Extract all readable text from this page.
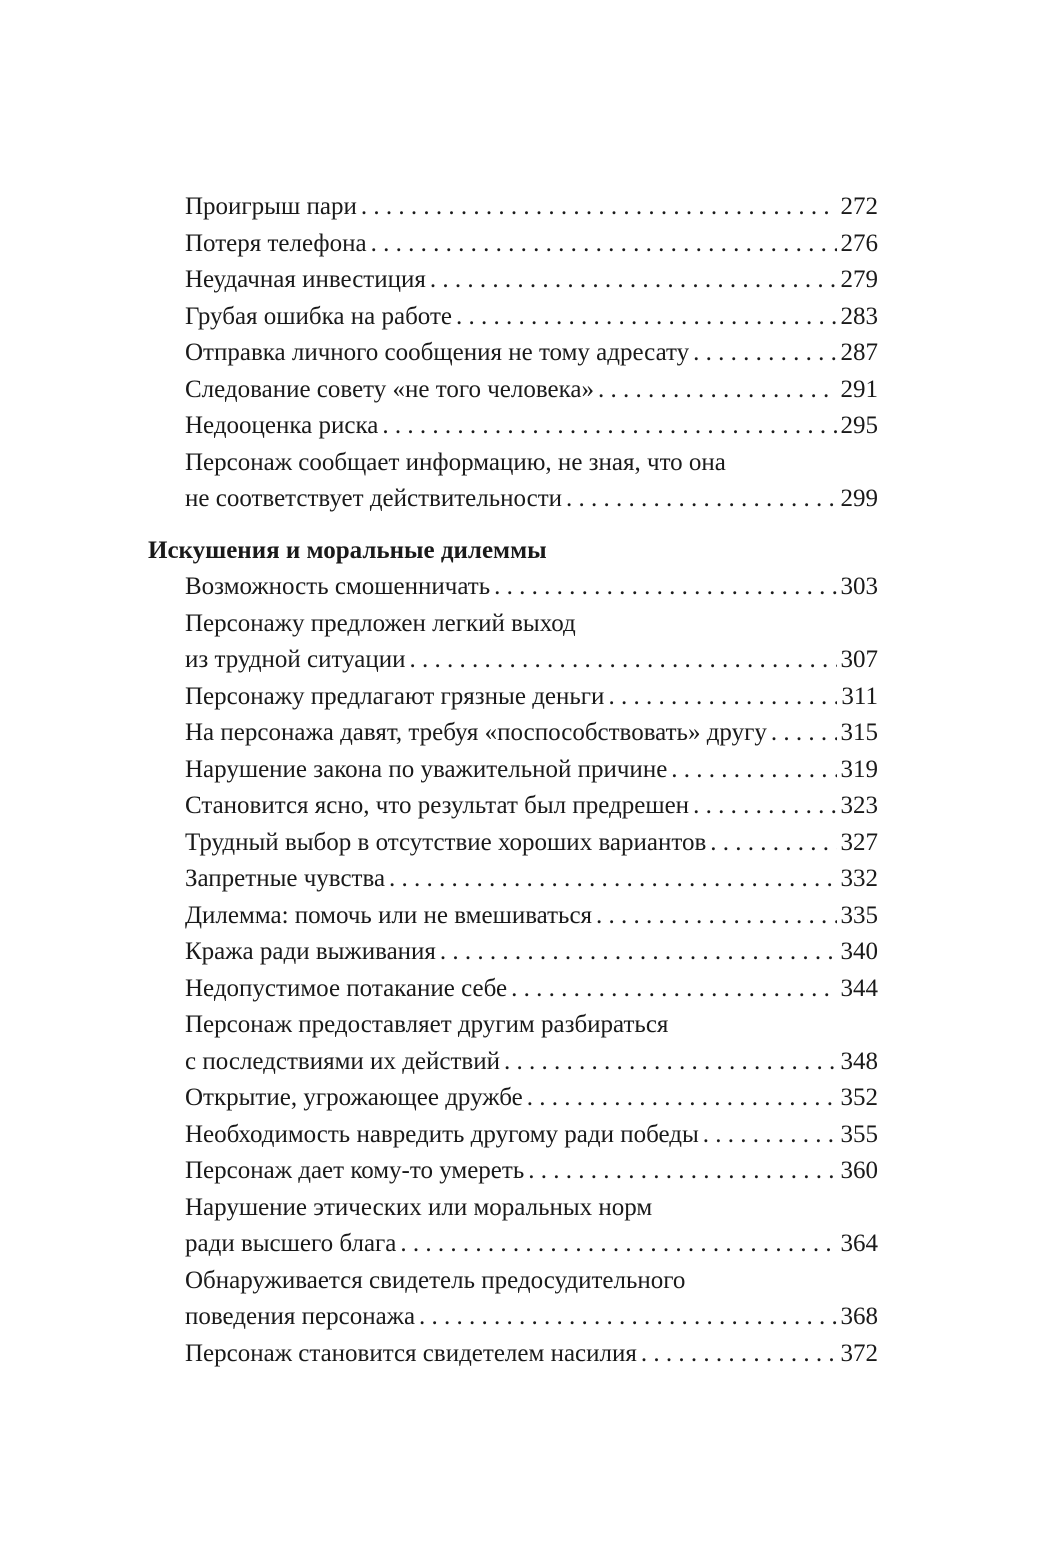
Проигрыш пари . . .	272
Потеря телефона . . .	276
Неудачная инвестиция . . .	279
Грубая ошибка на работе . . .	283
Отправка личного сообщения не тому адресату . . .	287
Следование совету «не того человека» . . .	291
Недооценка риска . . .	295
Персонаж сообщает информацию, не зная, что она
не соответствует действительности . . .	299
Искушения и моральные дилеммы
Возможность смошенничать . . .	303
Персонажу предложен легкий выход
из трудной ситуации . . .	307
Персонажу предлагают грязные деньги . . .	311
На персонажа давят, требуя «поспособствовать» другу . . .	315
Нарушение закона по уважительной причине . . .	319
Становится ясно, что результат был предрешен . . .	323
Трудный выбор в отсутствие хороших вариантов . . .	327
Запретные чувства . . .	332
Дилемма: помочь или не вмешиваться . . .	335
Кража ради выживания . . .	340
Недопустимое потакание себе . . .	344
Персонаж предоставляет другим разбираться
с последствиями их действий . . .	348
Открытие, угрожающее дружбе . . .	352
Необходимость навредить другому ради победы . . .	355
Персонаж дает кому-то умереть . . .	360
Нарушение этических или моральных норм
ради высшего блага . . .	364
Обнаруживается свидетель предосудительного
поведения персонажа . . .	368
Персонаж становится свидетелем насилия . . .	372
